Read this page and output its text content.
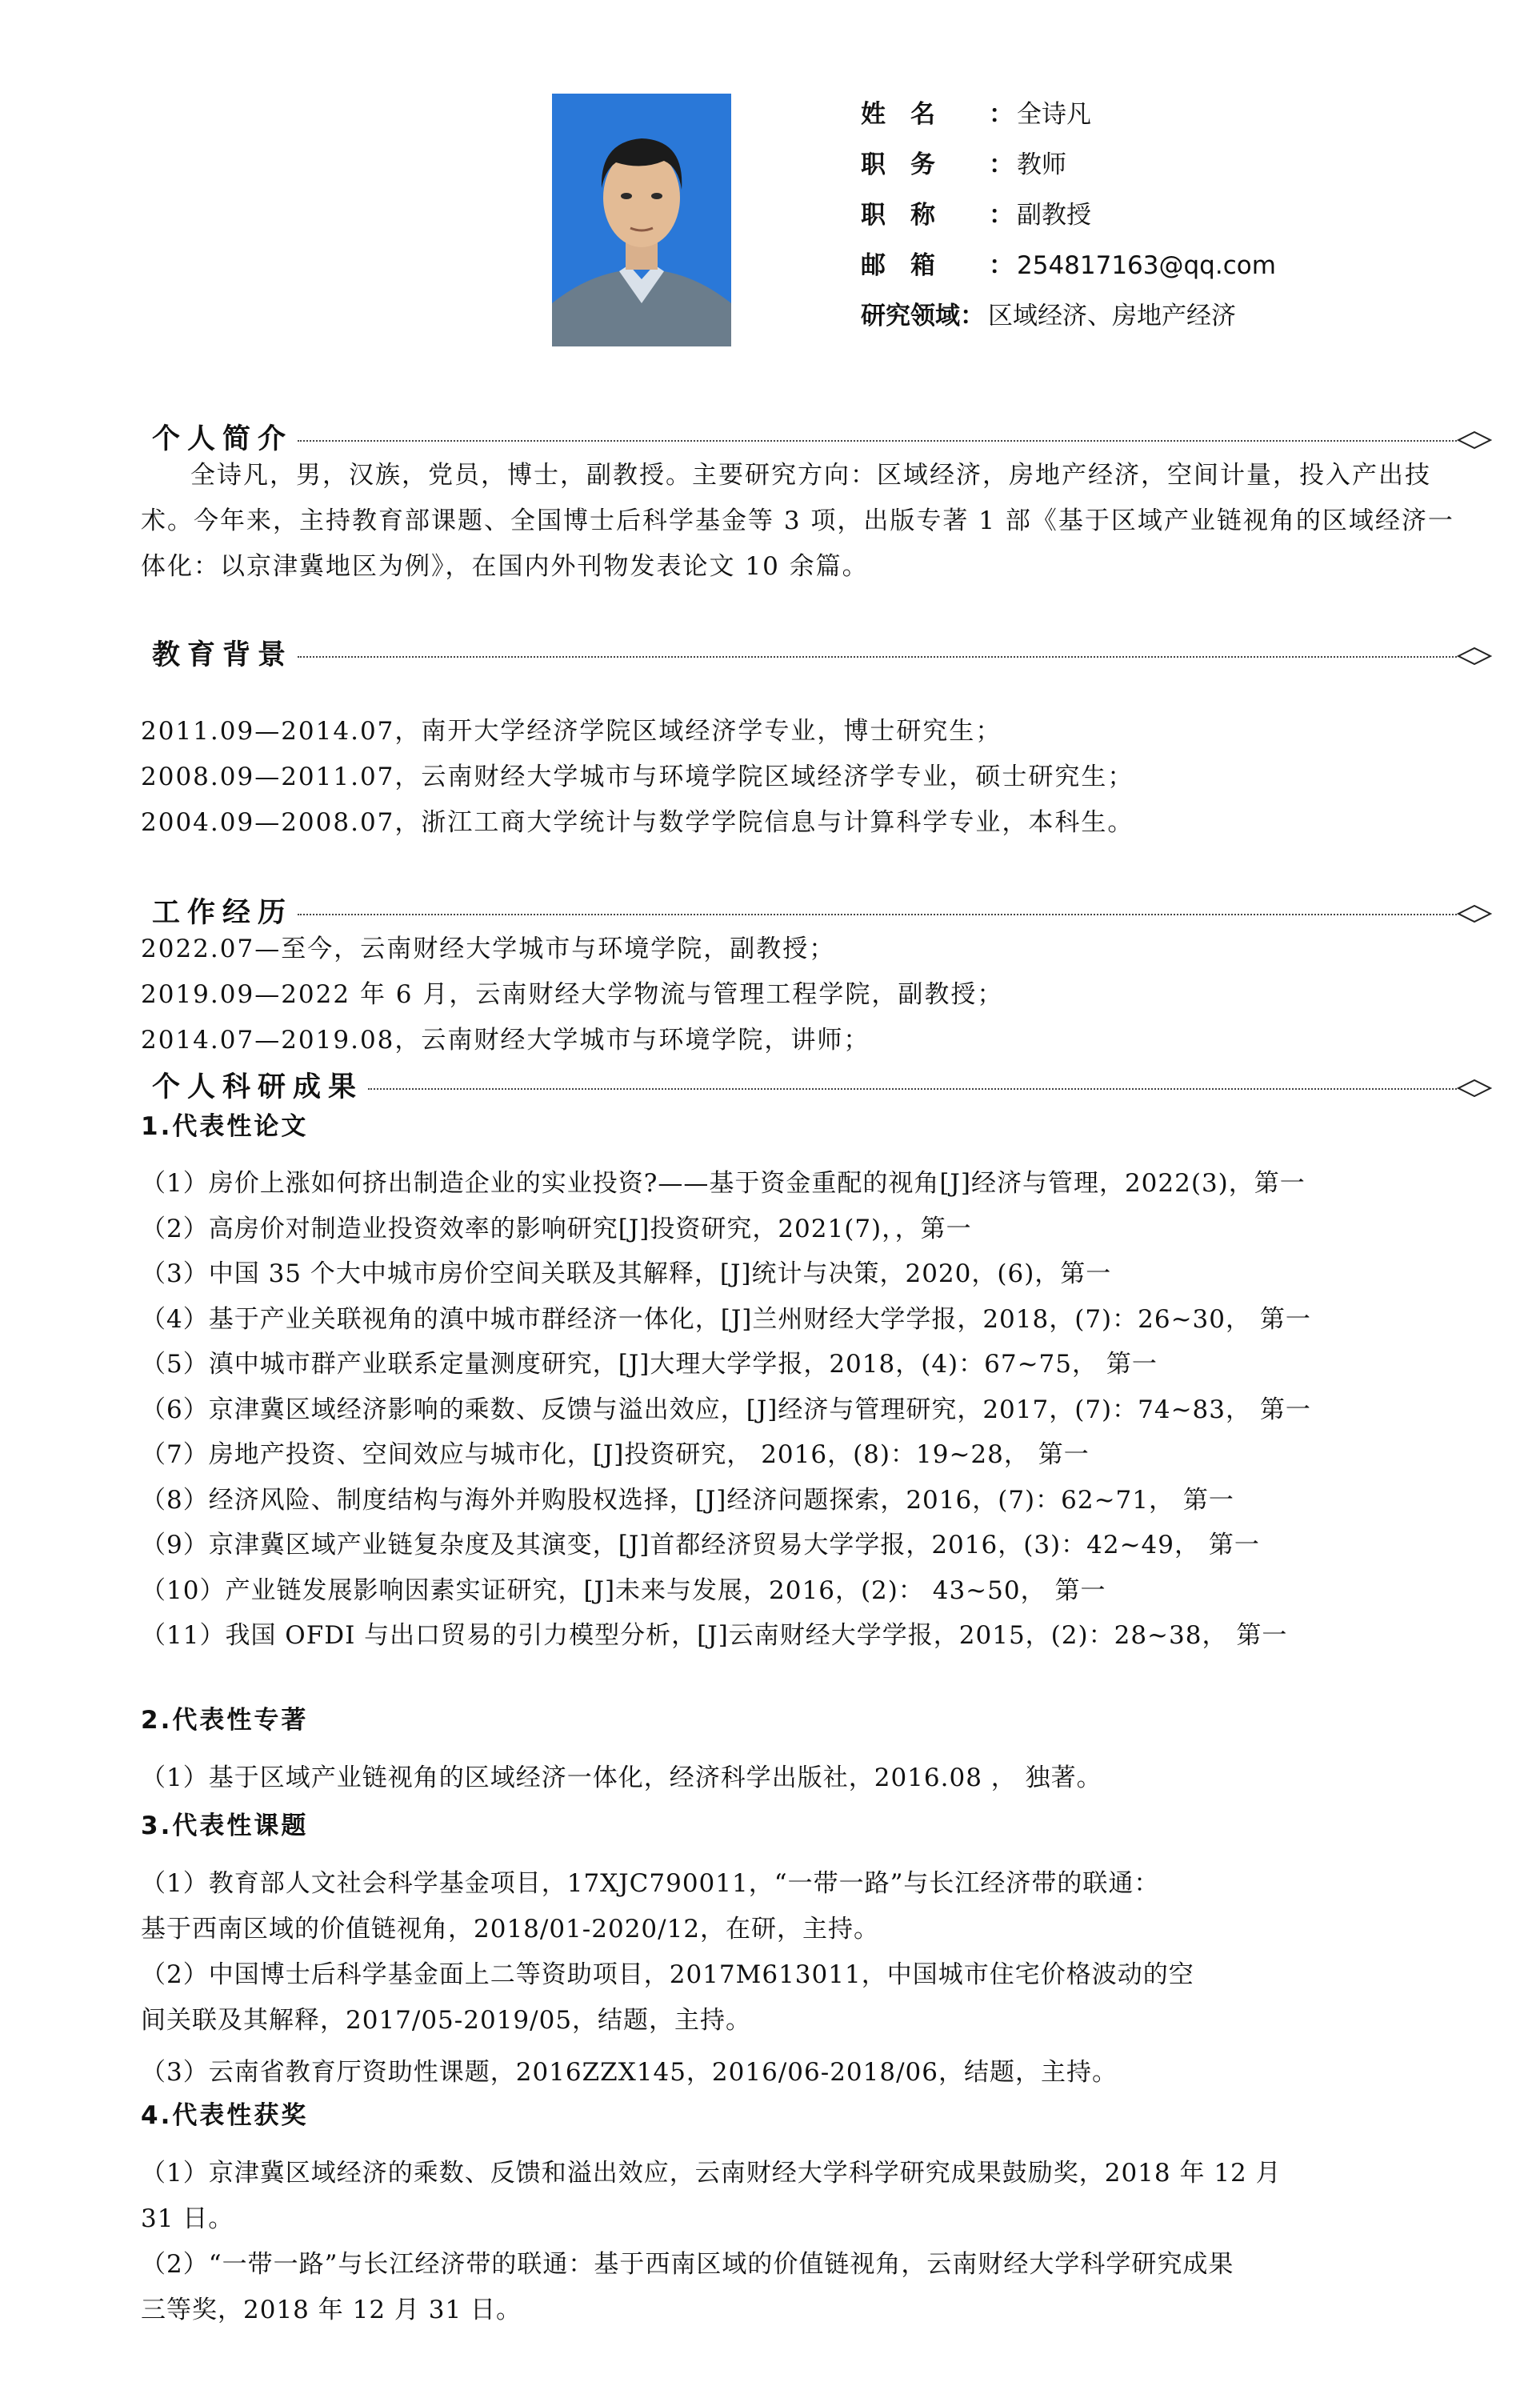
姓　名	： 全诗凡
职　务	： 教师
职　称	： 副教授
邮　箱	： 254817163@qq.com
研究领域 ： 区域经济、房地产经济
个人简介

全诗凡，男，汉族，党员，博士，副教授。主要研究方向：区域经济，房地产经济，空间计量，投入产出技术。今年来，主持教育部课题、全国博士后科学基金等 3 项，出版专著 1 部《基于区域产业链视角的区域经济一体化：以京津冀地区为例》，在国内外刊物发表论文 10 余篇。

教育背景

2011.09—2014.07，南开大学经济学院区域经济学专业，博士研究生；

2008.09—2011.07，云南财经大学城市与环境学院区域经济学专业，硕士研究生；

2004.09—2008.07，浙江工商大学统计与数学学院信息与计算科学专业，本科生。

工作经历

2022.07—至今，云南财经大学城市与环境学院，副教授；

2019.09—2022 年 6 月，云南财经大学物流与管理工程学院，副教授；

2014.07—2019.08，云南财经大学城市与环境学院，讲师；

个人科研成果
1.代表性论文

（1）房价上涨如何挤出制造企业的实业投资?——基于资金重配的视角[J]经济与管理，2022(3)，第一

（2）高房价对制造业投资效率的影响研究[J]投资研究，2021(7)，，第一

（3）中国 35 个大中城市房价空间关联及其解释，[J]统计与决策，2020，(6)，第一

（4）基于产业关联视角的滇中城市群经济一体化，[J]兰州财经大学学报，2018，(7)：26~30， 第一

（5）滇中城市群产业联系定量测度研究，[J]大理大学学报，2018，(4)：67~75， 第一

（6）京津冀区域经济影响的乘数、反馈与溢出效应，[J]经济与管理研究，2017，(7)：74~83， 第一

（7）房地产投资、空间效应与城市化，[J]投资研究， 2016，(8)：19~28， 第一

（8）经济风险、制度结构与海外并购股权选择，[J]经济问题探索，2016，(7)：62~71， 第一

（9）京津冀区域产业链复杂度及其演变，[J]首都经济贸易大学学报，2016，(3)：42~49， 第一

（10）产业链发展影响因素实证研究，[J]未来与发展，2016，(2)： 43~50， 第一

（11）我国 OFDI 与出口贸易的引力模型分析，[J]云南财经大学学报，2015，(2)：28~38， 第一

2.代表性专著

（1）基于区域产业链视角的区域经济一体化，经济科学出版社，2016.08 ， 独著。

3.代表性课题

（1）教育部人文社会科学基金项目，17XJC790011，“一带一路”与长江经济带的联通：

基于西南区域的价值链视角，2018/01-2020/12，在研，主持。

（2）中国博士后科学基金面上二等资助项目，2017M613011，中国城市住宅价格波动的空

间关联及其解释，2017/05-2019/05，结题，主持。

（3）云南省教育厅资助性课题，2016ZZX145，2016/06-2018/06，结题，主持。

4.代表性获奖

（1）京津冀区域经济的乘数、反馈和溢出效应，云南财经大学科学研究成果鼓励奖，2018 年 12 月

31 日。

（2）“一带一路”与长江经济带的联通：基于西南区域的价值链视角，云南财经大学科学研究成果

三等奖，2018 年 12 月 31 日。
